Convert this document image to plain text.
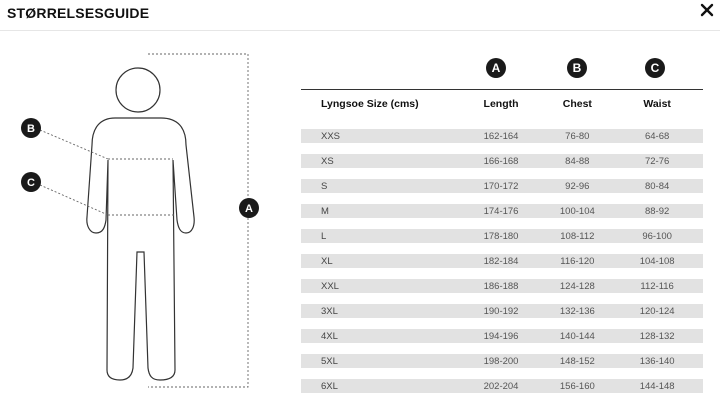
STØRRELSESGUIDE
B
C
A
A	B	C
Lyngsoe Size (cms)	Length	Chest	Waist
XXS	162-164	76-80	64-68
XS	166-168	84-88	72-76
S	170-172	92-96	80-84
M	174-176	100-104	88-92
L	178-180	108-112	96-100
XL	182-184	116-120	104-108
XXL	186-188	124-128	112-116
3XL	190-192	132-136	120-124
4XL	194-196	140-144	128-132
5XL	198-200	148-152	136-140
6XL	202-204	156-160	144-148
